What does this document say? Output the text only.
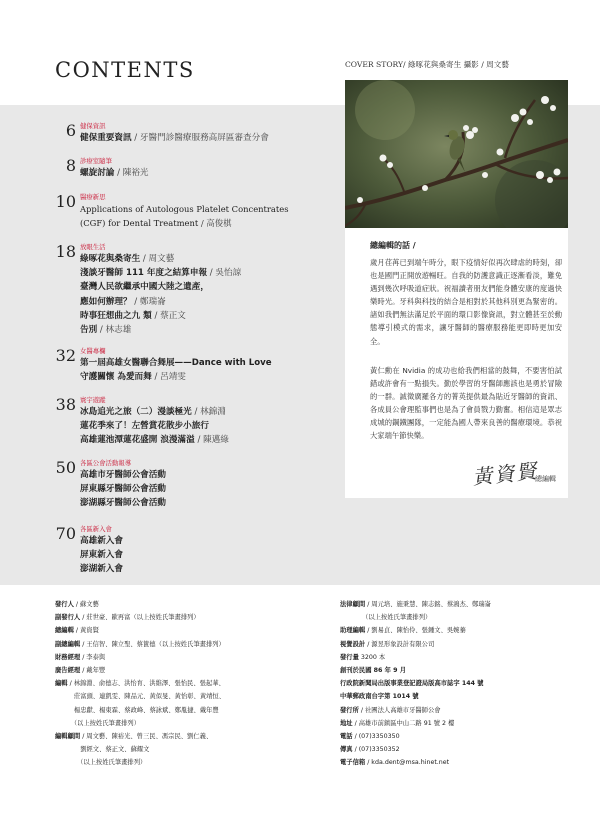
CONTENTS	COVER STORY/ 綠啄花與桑寄生 攝影 / 周文藝
總編輯的話 /
歲月荏苒已到端午時分，眼下疫情好似再次肆虐的時刻，卻也是國門正開放遊暢旺。自我的防護意識正逐漸看淡，難免遇到幾次呼吸道症狀。祝福讀者朋友們能身體安康的度過快樂時光。牙科與科技的結合是相對於其他科別更為緊密的。諸如我們無法滿足於平面的環口影像資訊，對立體甚至於動態導引模式的需求，讓牙醫師的醫療服務能更即時更加安全。
黃仁勳在 Nvidia 的成功也給我們相當的鼓舞，不要害怕試錯或許會有一點損失。勤於學習的牙醫師應該也是勇於冒險的一群。誠徵廣羅各方的菁英提供最為貼近牙醫師的資訊、各成員公會理監事們也是為了會員戮力勤奮。相信這是眾志成城的鋼鐵團隊，一定能為國人帶來良善的醫療環境。恭祝大家端午節快樂。
黃資賢
總編輯
6 健保資訊
健保重要資訊 / 牙醫門診醫療服務高屏區審查分會
8 診療室隨筆
螺旋討論 / 陳裕光
10 醫療新思
Applications of Autologous Platelet Concentrates
(CGF) for Dental Treatment / 高俊棋
18 放眼生活
綠啄花與桑寄生 / 周文藝
淺談牙醫師 111 年度之結算申報 / 吳怡諒
臺灣人民欲繼承中國大陸之遺產，
應如何辦理？ / 鄭瑞崙
時事狂想曲之九 類 / 蔡正文
告別 / 林志雄
32 女醫專欄
第一屆高雄女醫聯合舞展——Dance with Love
守護關懷 為愛而舞 / 呂靖雯
38 寰宇遊蹤
冰島追光之旅（二）漫談極光 / 林錦淵
蓮花季來了！左營賞花散步小旅行
高雄蓮池潭蓮花盛開 浪漫滿溢 / 陳邁綠
50 各區公會活動報導
高雄市牙醫師公會活動
屏東縣牙醫師公會活動
澎湖縣牙醫師公會活動
70 各區新入會
高雄新入會
屏東新入會
澎湖新入會
發行人 / 蘇文藝
副發行人 / 莊世豪、歐再富（以上按姓氏筆畫排列）
總編輯 / 黃資賢
副總編輯 / 王信智、陳立聖、蔡篋德（以上按姓氏筆畫排列）
財務經理 / 李泰與
廣告經理 / 戴年豐
編輯 / 林錦淵、俞德志、洪怡育、洪維澤、張怡民、張起華、
　　　莊富頭、連凱雯、陳品元、黃似旻、黃怡彰、黃靖恒、
　　　楊忠獻、楊東霖、蔡政峰、蔡詠斌、鄭胤捷、戴年豐
　　　（以上按姓氏筆畫排列）
編輯顧問 / 周文藝、陳裕光、曾三民、馮宗民、劉仁義、
　　　　劉經文、蔡正文、蘇耀文
　　　　（以上按姓氏筆畫排列）
法律顧問 / 周元培、施秉慧、陳志銘、蔡鴻杰、鄭瑞崙
　　　　（以上按姓氏筆畫排列）
助理編輯 / 劉易貞、陳怡伶、張鍾文、吳婉蓁
視覺設計 / 源昱形象設計有限公司
發行量 3200 本
創刊於民國 86 年 9 月
行政院新聞局出版事業登記證局版高市誌字 144 號
中華郵政南台字第 1014 號
發行所 / 社團法人高雄市牙醫師公會
地址 / 高雄市前鎮區中山二路 91 號 2 樓
電話 / (07)3350350
傳真 / (07)3350352
電子信箱 / kda.dent@msa.hinet.net
